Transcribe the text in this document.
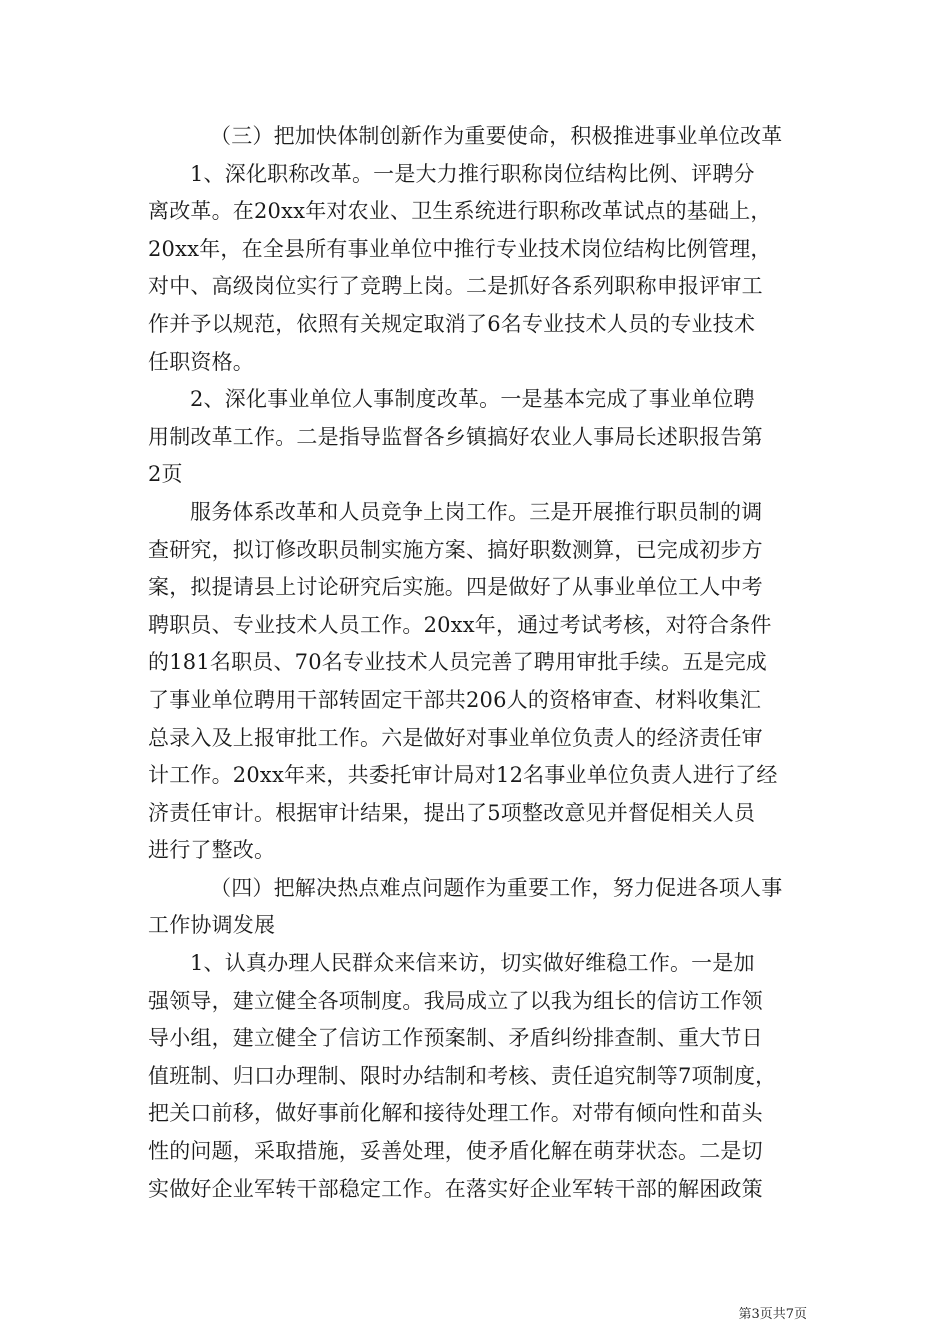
（三）把加快体制创新作为重要使命，积极推进事业单位改革
1、深化职称改革。一是大力推行职称岗位结构比例、评聘分
离改革。在20xx年对农业、卫生系统进行职称改革试点的基础上，
20xx年，在全县所有事业单位中推行专业技术岗位结构比例管理，
对中、高级岗位实行了竞聘上岗。二是抓好各系列职称申报评审工
作并予以规范，依照有关规定取消了6名专业技术人员的专业技术
任职资格。
2、深化事业单位人事制度改革。一是基本完成了事业单位聘
用制改革工作。二是指导监督各乡镇搞好农业人事局长述职报告第
2页
服务体系改革和人员竞争上岗工作。三是开展推行职员制的调
查研究，拟订修改职员制实施方案、搞好职数测算，已完成初步方
案，拟提请县上讨论研究后实施。四是做好了从事业单位工人中考
聘职员、专业技术人员工作。20xx年，通过考试考核，对符合条件
的181名职员、70名专业技术人员完善了聘用审批手续。五是完成
了事业单位聘用干部转固定干部共206人的资格审查、材料收集汇
总录入及上报审批工作。六是做好对事业单位负责人的经济责任审
计工作。20xx年来，共委托审计局对12名事业单位负责人进行了经
济责任审计。根据审计结果，提出了5项整改意见并督促相关人员
进行了整改。
（四）把解决热点难点问题作为重要工作，努力促进各项人事
工作协调发展
1、认真办理人民群众来信来访，切实做好维稳工作。一是加
强领导，建立健全各项制度。我局成立了以我为组长的信访工作领
导小组，建立健全了信访工作预案制、矛盾纠纷排查制、重大节日
值班制、归口办理制、限时办结制和考核、责任追究制等7项制度，
把关口前移，做好事前化解和接待处理工作。对带有倾向性和苗头
性的问题，采取措施，妥善处理，使矛盾化解在萌芽状态。二是切
实做好企业军转干部稳定工作。在落实好企业军转干部的解困政策
第3页共7页
